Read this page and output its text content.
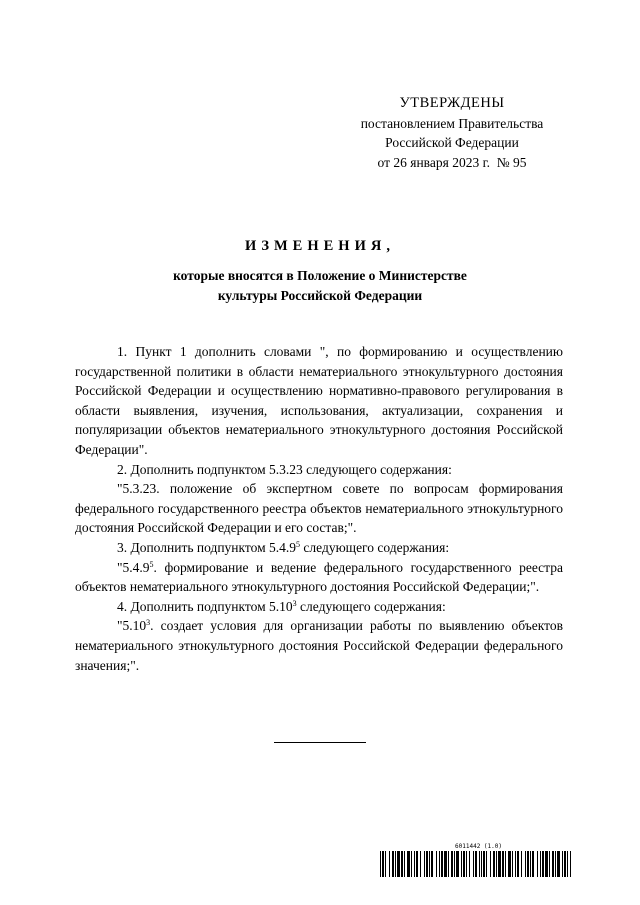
УТВЕРЖДЕНЫ
постановлением Правительства
Российской Федерации
от 26 января 2023 г.  № 95
ИЗМЕНЕНИЯ,
которые вносятся в Положение о Министерстве
культуры Российской Федерации

1. Пункт 1 дополнить словами ", по формированию и осуществлению государственной политики в области нематериального этнокультурного достояния Российской Федерации и осуществлению нормативно-правового регулирования в области выявления, изучения, использования, актуализации, сохранения и популяризации объектов нематериального этнокультурного достояния Российской Федерации".

2. Дополнить подпунктом 5.3.23 следующего содержания:

"5.3.23. положение об экспертном совете по вопросам формирования федерального государственного реестра объектов нематериального этнокультурного достояния Российской Федерации и его состав;".

3. Дополнить подпунктом 5.4.9$^5$ следующего содержания:

"5.4.9$^5$. формирование и ведение федерального государственного реестра объектов нематериального этнокультурного достояния Российской Федерации;".

4. Дополнить подпунктом 5.10$^3$ следующего содержания:

"5.10$^3$. создает условия для организации работы по выявлению объектов нематериального этнокультурного достояния Российской Федерации федерального значения;".

6011442 (1.0)
